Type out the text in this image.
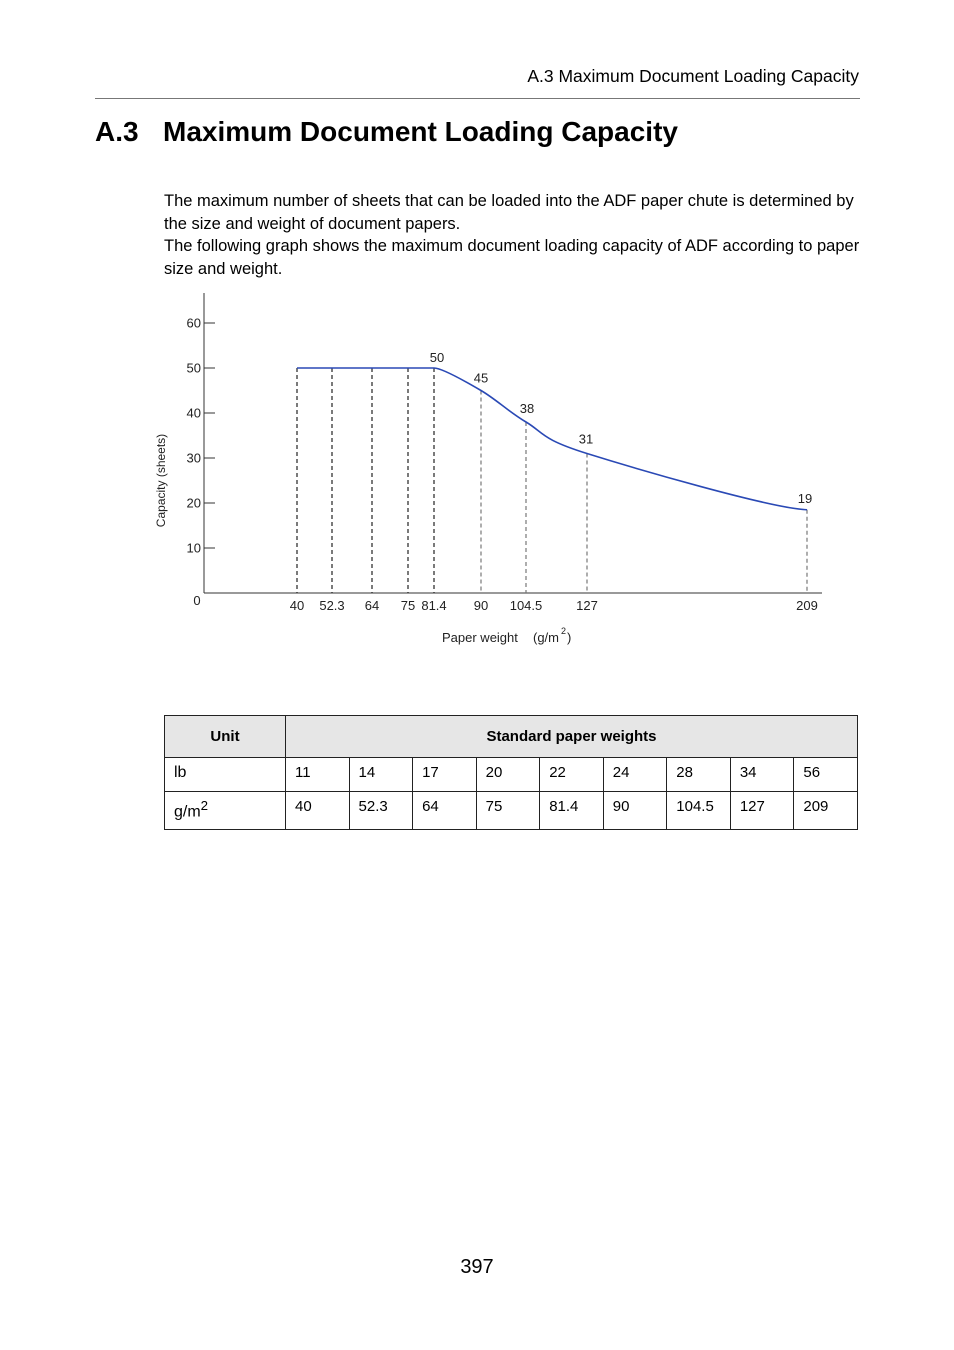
A.3 Maximum Document Loading Capacity
A.3 Maximum Document Loading Capacity

The maximum number of sheets that can be loaded into the ADF paper chute is determined by the size and weight of document papers.

The following graph shows the maximum document loading capacity of ADF according to paper size and weight.

10
20
30
40
50
60
0
Capacity (sheets)
40 52.3 64 75 81.4 90 104.5	127	209
50
45
38
31
19
Paper weight (g/m 2 )
Unit	Standard paper weights								
lb	11	14	17	20	22	24	28	34	56
$g/m^2$	40	52.3	64	75	81.4	90	104.5	127	209
397
